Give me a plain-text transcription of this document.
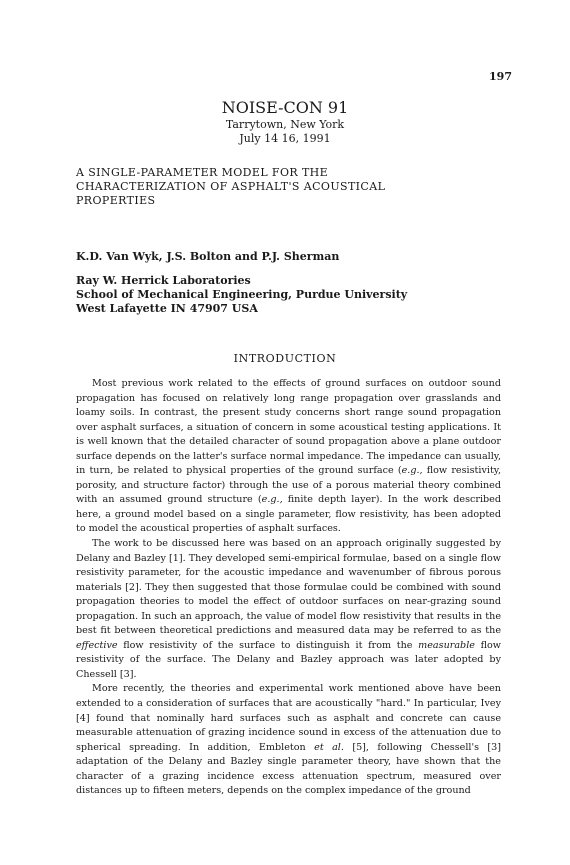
197

NOISE-CON 91

Tarrytown, New York

July 14 16, 1991

A SINGLE-PARAMETER MODEL FOR THE
CHARACTERIZATION OF ASPHALT'S ACOUSTICAL
PROPERTIES

K.D. Van Wyk, J.S. Bolton and P.J. Sherman

Ray W. Herrick Laboratories
School of Mechanical Engineering, Purdue University
West Lafayette IN 47907 USA
INTRODUCTION

Most previous work related to the effects of ground surfaces on outdoor sound propagation has focused on relatively long range propagation over grasslands and loamy soils. In contrast, the present study concerns short range sound propagation over asphalt surfaces, a situation of concern in some acoustical testing applications. It is well known that the detailed character of sound propagation above a plane outdoor surface depends on the latter's surface normal impedance. The impedance can usually, in turn, be related to physical properties of the ground surface (e.g., flow resistivity, porosity, and structure factor) through the use of a porous material theory combined with an assumed ground structure (e.g., finite depth layer). In the work described here, a ground model based on a single parameter, flow resistivity, has been adopted to model the acoustical properties of asphalt surfaces.

The work to be discussed here was based on an approach originally suggested by Delany and Bazley [1]. They developed semi-empirical formulae, based on a single flow resistivity parameter, for the acoustic impedance and wavenumber of fibrous porous materials [2]. They then suggested that those formulae could be combined with sound propagation theories to model the effect of outdoor surfaces on near-grazing sound propagation. In such an approach, the value of model flow resistivity that results in the best fit between theoretical predictions and measured data may be referred to as the effective flow resistivity of the surface to distinguish it from the measurable flow resistivity of the surface. The Delany and Bazley approach was later adopted by Chessell [3].

More recently, the theories and experimental work mentioned above have been extended to a consideration of surfaces that are acoustically "hard." In particular, Ivey [4] found that nominally hard surfaces such as asphalt and concrete can cause measurable attenuation of grazing incidence sound in excess of the attenuation due to spherical spreading. In addition, Embleton et al. [5], following Chessell's [3] adaptation of the Delany and Bazley single parameter theory, have shown that the character of a grazing incidence excess attenuation spectrum, measured over distances up to fifteen meters, depends on the complex impedance of the ground
